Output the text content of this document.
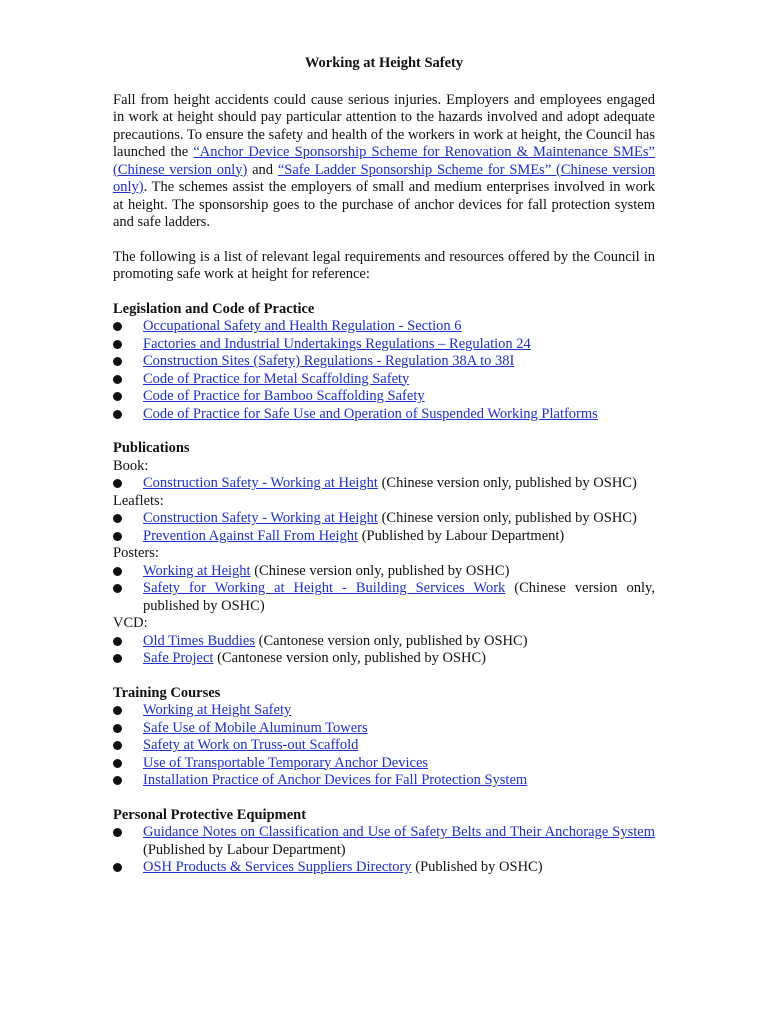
Working at Height Safety

Fall from height accidents could cause serious injuries. Employers and employees engaged in work at height should pay particular attention to the hazards involved and adopt adequate precautions. To ensure the safety and health of the workers in work at height, the Council has launched the “Anchor Device Sponsorship Scheme for Renovation & Maintenance SMEs” (Chinese version only) and “Safe Ladder Sponsorship Scheme for SMEs” (Chinese version only). The schemes assist the employers of small and medium enterprises involved in work at height. The sponsorship goes to the purchase of anchor devices for fall protection system and safe ladders.

The following is a list of relevant legal requirements and resources offered by the Council in promoting safe work at height for reference:

Legislation and Code of Practice
Occupational Safety and Health Regulation - Section 6
Factories and Industrial Undertakings Regulations – Regulation 24
Construction Sites (Safety) Regulations - Regulation 38A to 38I
Code of Practice for Metal Scaffolding Safety
Code of Practice for Bamboo Scaffolding Safety
Code of Practice for Safe Use and Operation of Suspended Working Platforms
Publications
Book:
Construction Safety - Working at Height (Chinese version only, published by OSHC)
Leaflets:
Construction Safety - Working at Height (Chinese version only, published by OSHC)
Prevention Against Fall From Height (Published by Labour Department)
Posters:
Working at Height (Chinese version only, published by OSHC)
Safety for Working at Height - Building Services Work (Chinese version only, published by OSHC)
VCD:
Old Times Buddies (Cantonese version only, published by OSHC)
Safe Project (Cantonese version only, published by OSHC)
Training Courses
Working at Height Safety
Safe Use of Mobile Aluminum Towers
Safety at Work on Truss-out Scaffold
Use of Transportable Temporary Anchor Devices
Installation Practice of Anchor Devices for Fall Protection System
Personal Protective Equipment
Guidance Notes on Classification and Use of Safety Belts and Their Anchorage System (Published by Labour Department)
OSH Products & Services Suppliers Directory (Published by OSHC)
